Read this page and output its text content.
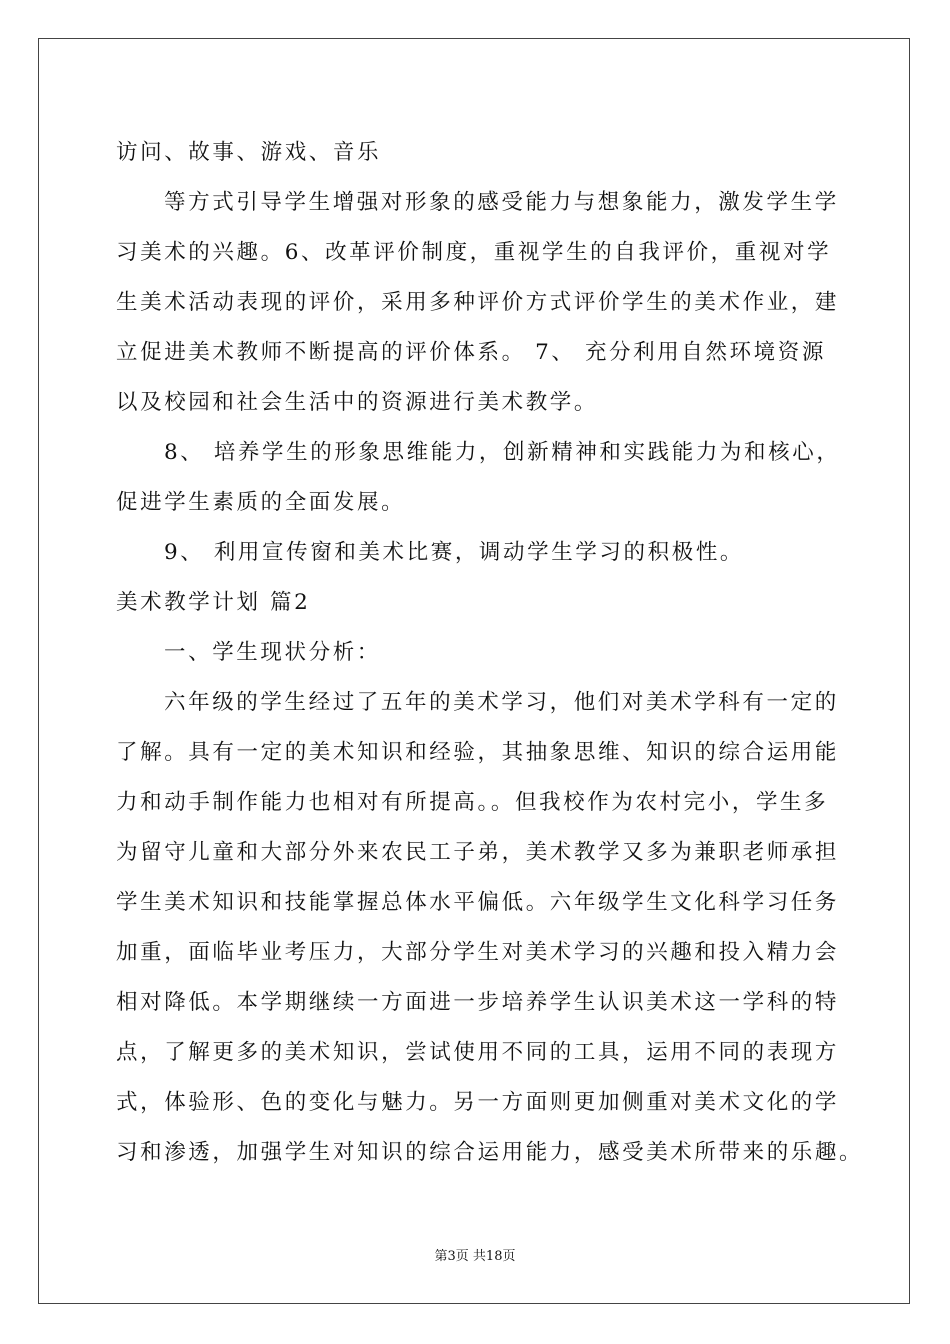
访问、故事、游戏、音乐
等方式引导学生增强对形象的感受能力与想象能力，激发学生学
习美术的兴趣。6、改革评价制度，重视学生的自我评价，重视对学
生美术活动表现的评价，采用多种评价方式评价学生的美术作业，建
立促进美术教师不断提高的评价体系。 7、 充分利用自然环境资源
以及校园和社会生活中的资源进行美术教学。
8、 培养学生的形象思维能力，创新精神和实践能力为和核心，
促进学生素质的全面发展。
9、 利用宣传窗和美术比赛，调动学生学习的积极性。
美术教学计划 篇2
一、学生现状分析：
六年级的学生经过了五年的美术学习，他们对美术学科有一定的
了解。具有一定的美术知识和经验，其抽象思维、知识的综合运用能
力和动手制作能力也相对有所提高。。但我校作为农村完小，学生多
为留守儿童和大部分外来农民工子弟，美术教学又多为兼职老师承担
学生美术知识和技能掌握总体水平偏低。六年级学生文化科学习任务
加重，面临毕业考压力，大部分学生对美术学习的兴趣和投入精力会
相对降低。本学期继续一方面进一步培养学生认识美术这一学科的特
点，了解更多的美术知识，尝试使用不同的工具，运用不同的表现方
式，体验形、色的变化与魅力。另一方面则更加侧重对美术文化的学
习和渗透，加强学生对知识的综合运用能力，感受美术所带来的乐趣。
第3页 共18页
